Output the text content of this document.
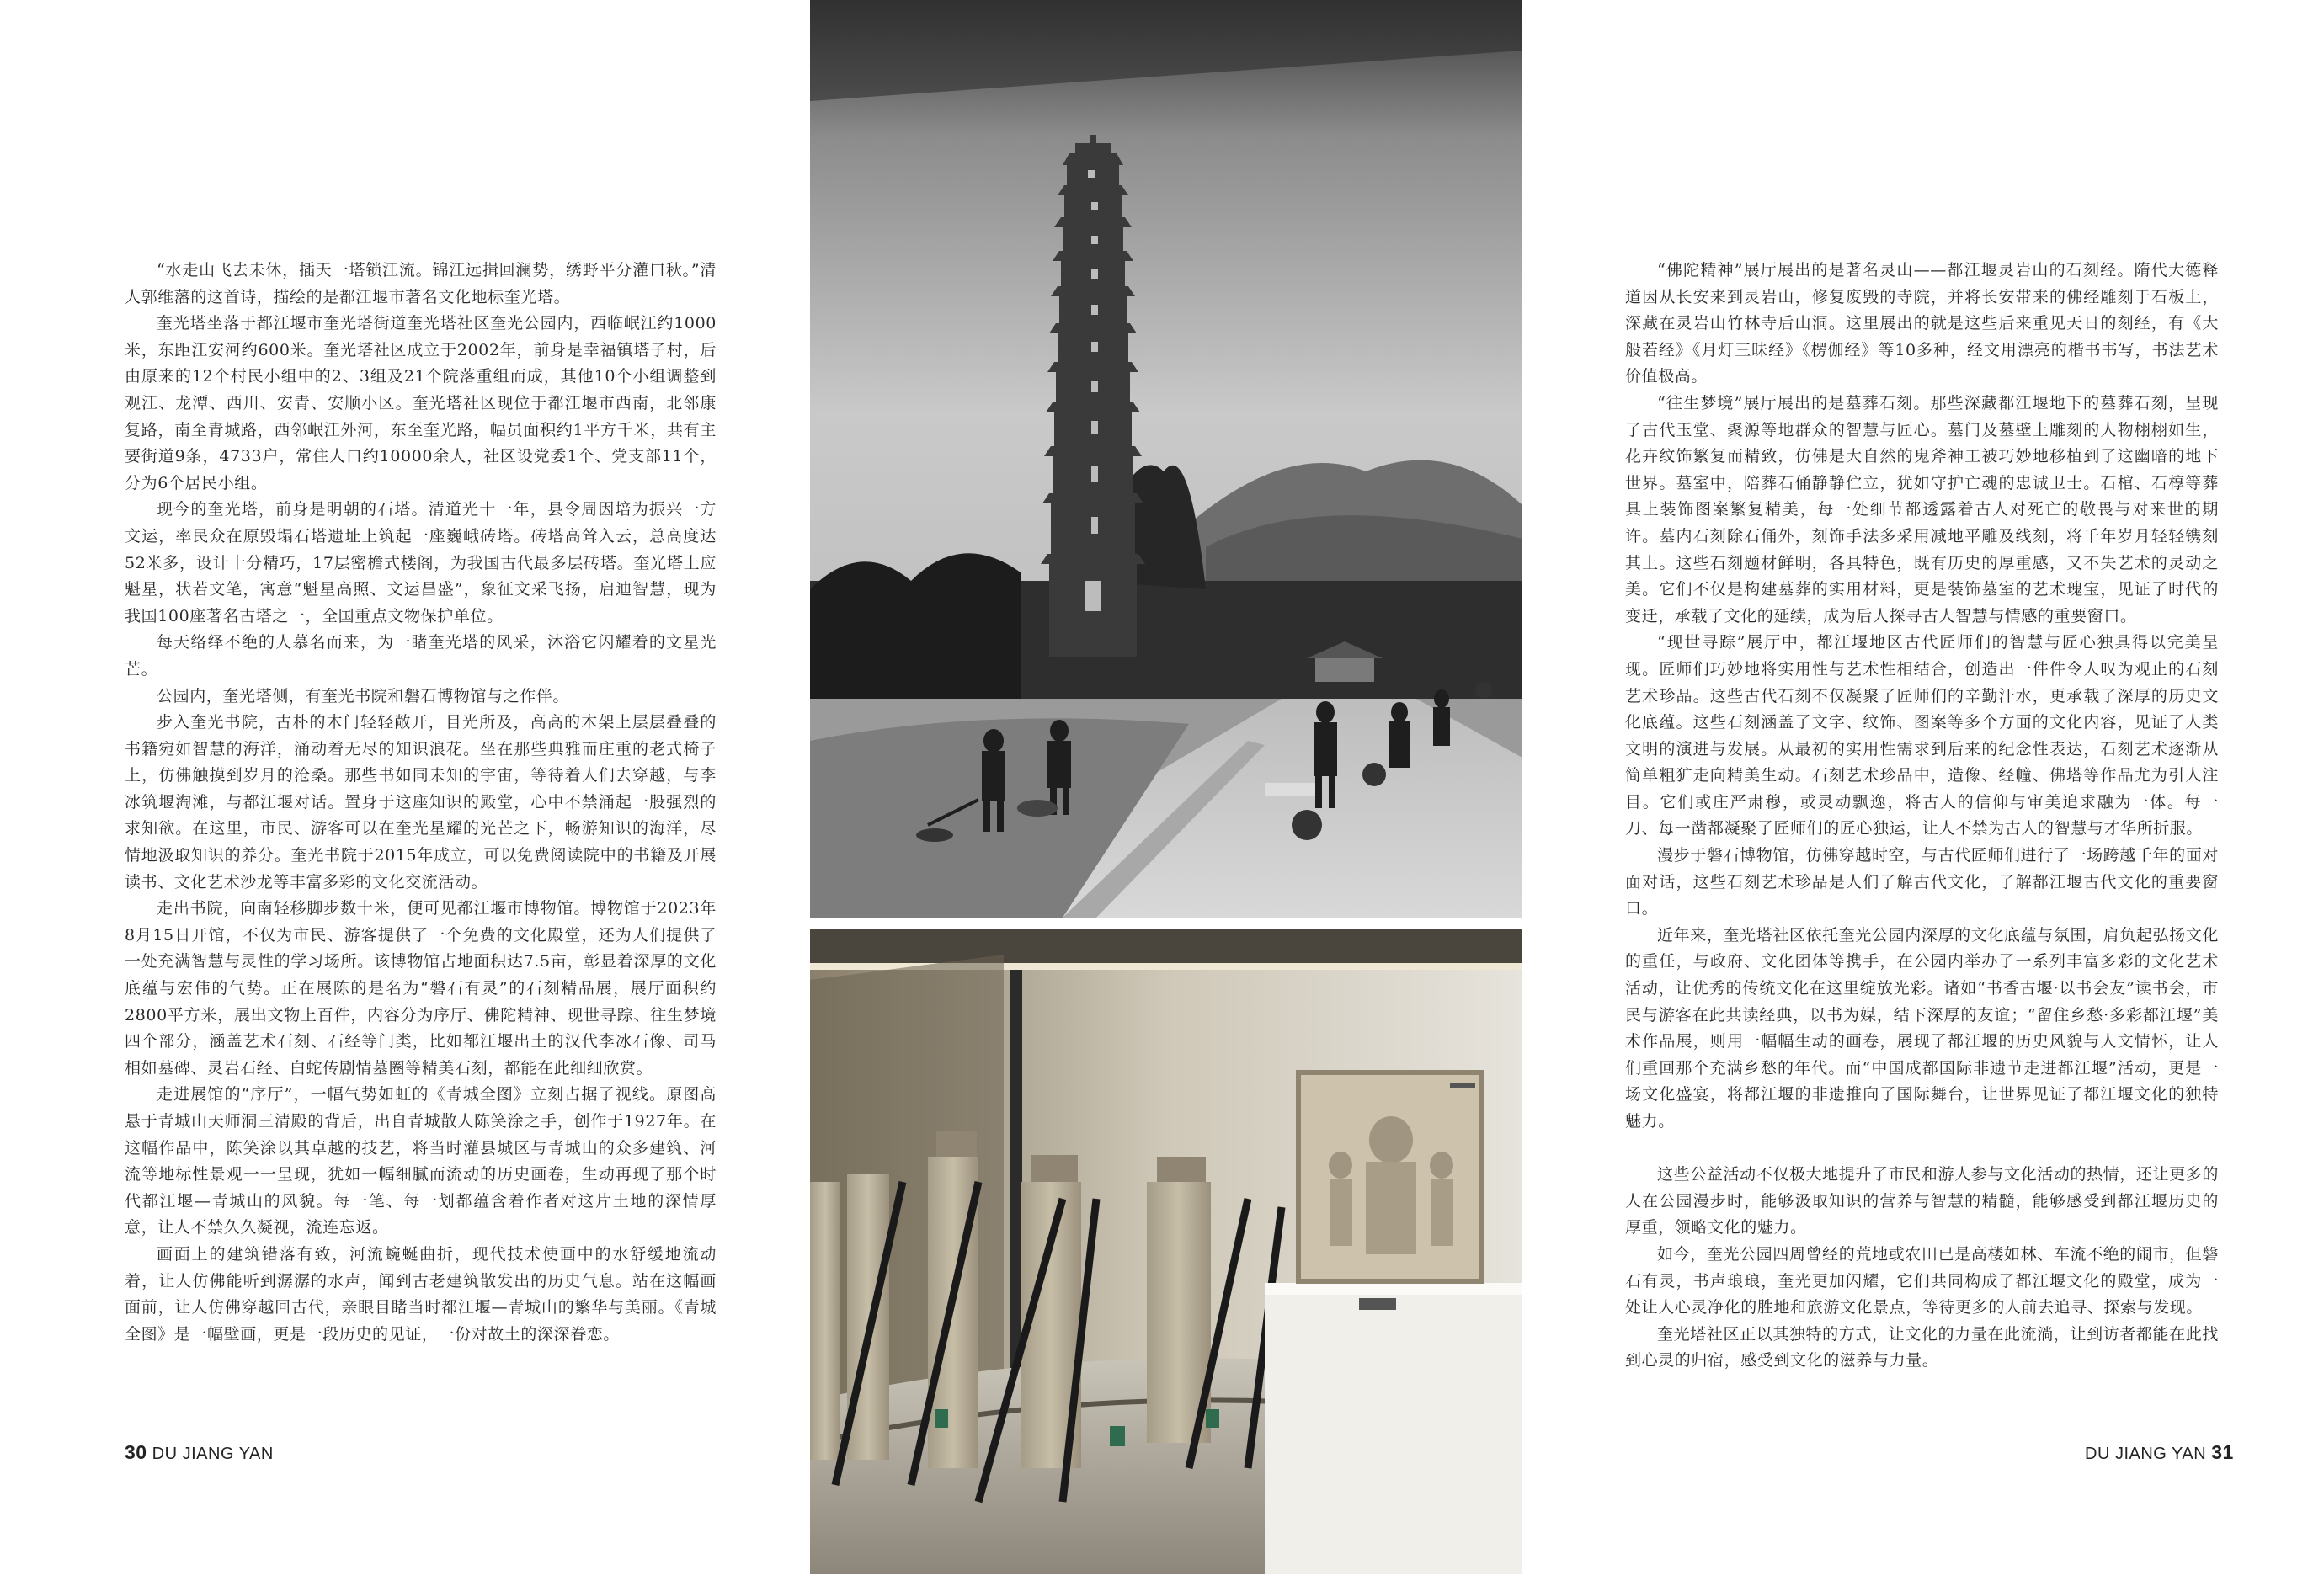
“水走山飞去未休，插天一塔锁江流。锦江远揖回澜势，绣野平分灌口秋。”清人郭维藩的这首诗，描绘的是都江堰市著名文化地标奎光塔。

奎光塔坐落于都江堰市奎光塔街道奎光塔社区奎光公园内，西临岷江约1000米，东距江安河约600米。奎光塔社区成立于2002年，前身是幸福镇塔子村，后由原来的12个村民小组中的2、3组及21个院落重组而成，其他10个小组调整到观江、龙潭、西川、安青、安顺小区。奎光塔社区现位于都江堰市西南，北邻康复路，南至青城路，西邻岷江外河，东至奎光路，幅员面积约1平方千米，共有主要街道9条，4733户，常住人口约10000余人，社区设党委1个、党支部11个，分为6个居民小组。

现今的奎光塔，前身是明朝的石塔。清道光十一年，县令周因培为振兴一方文运，率民众在原毁塌石塔遗址上筑起一座巍峨砖塔。砖塔高耸入云，总高度达52米多，设计十分精巧，17层密檐式楼阁，为我国古代最多层砖塔。奎光塔上应魁星，状若文笔，寓意“魁星高照、文运昌盛”，象征文采飞扬，启迪智慧，现为我国100座著名古塔之一，全国重点文物保护单位。

每天络绎不绝的人慕名而来，为一睹奎光塔的风采，沐浴它闪耀着的文星光芒。

公园内，奎光塔侧，有奎光书院和磐石博物馆与之作伴。

步入奎光书院，古朴的木门轻轻敞开，目光所及，高高的木架上层层叠叠的书籍宛如智慧的海洋，涌动着无尽的知识浪花。坐在那些典雅而庄重的老式椅子上，仿佛触摸到岁月的沧桑。那些书如同未知的宇宙，等待着人们去穿越，与李冰筑堰淘滩，与都江堰对话。置身于这座知识的殿堂，心中不禁涌起一股强烈的求知欲。在这里，市民、游客可以在奎光星耀的光芒之下，畅游知识的海洋，尽情地汲取知识的养分。奎光书院于2015年成立，可以免费阅读院中的书籍及开展读书、文化艺术沙龙等丰富多彩的文化交流活动。

走出书院，向南轻移脚步数十米，便可见都江堰市博物馆。博物馆于2023年8月15日开馆，不仅为市民、游客提供了一个免费的文化殿堂，还为人们提供了一处充满智慧与灵性的学习场所。该博物馆占地面积达7.5亩，彰显着深厚的文化底蕴与宏伟的气势。正在展陈的是名为“磐石有灵”的石刻精品展，展厅面积约2800平方米，展出文物上百件，内容分为序厅、佛陀精神、现世寻踪、往生梦境四个部分，涵盖艺术石刻、石经等门类，比如都江堰出土的汉代李冰石像、司马相如墓碑、灵岩石经、白蛇传剧情墓圈等精美石刻，都能在此细细欣赏。

走进展馆的“序厅”，一幅气势如虹的《青城全图》立刻占据了视线。原图高悬于青城山天师洞三清殿的背后，出自青城散人陈笑涂之手，创作于1927年。在这幅作品中，陈笑涂以其卓越的技艺，将当时灌县城区与青城山的众多建筑、河流等地标性景观一一呈现，犹如一幅细腻而流动的历史画卷，生动再现了那个时代都江堰—青城山的风貌。每一笔、每一划都蕴含着作者对这片土地的深情厚意，让人不禁久久凝视，流连忘返。

画面上的建筑错落有致，河流蜿蜒曲折，现代技术使画中的水舒缓地流动着，让人仿佛能听到潺潺的水声，闻到古老建筑散发出的历史气息。站在这幅画面前，让人仿佛穿越回古代，亲眼目睹当时都江堰—青城山的繁华与美丽。《青城全图》是一幅壁画，更是一段历史的见证，一份对故土的深深眷恋。

“佛陀精神”展厅展出的是著名灵山——都江堰灵岩山的石刻经。隋代大德释道因从长安来到灵岩山，修复废毁的寺院，并将长安带来的佛经雕刻于石板上，深藏在灵岩山竹林寺后山洞。这里展出的就是这些后来重见天日的刻经，有《大般若经》《月灯三昧经》《楞伽经》等10多种，经文用漂亮的楷书书写，书法艺术价值极高。

“往生梦境”展厅展出的是墓葬石刻。那些深藏都江堰地下的墓葬石刻，呈现了古代玉堂、聚源等地群众的智慧与匠心。墓门及墓壁上雕刻的人物栩栩如生，花卉纹饰繁复而精致，仿佛是大自然的鬼斧神工被巧妙地移植到了这幽暗的地下世界。墓室中，陪葬石俑静静伫立，犹如守护亡魂的忠诚卫士。石棺、石椁等葬具上装饰图案繁复精美，每一处细节都透露着古人对死亡的敬畏与对来世的期许。墓内石刻除石俑外，刻饰手法多采用减地平雕及线刻，将千年岁月轻轻镌刻其上。这些石刻题材鲜明，各具特色，既有历史的厚重感，又不失艺术的灵动之美。它们不仅是构建墓葬的实用材料，更是装饰墓室的艺术瑰宝，见证了时代的变迁，承载了文化的延续，成为后人探寻古人智慧与情感的重要窗口。

“现世寻踪”展厅中，都江堰地区古代匠师们的智慧与匠心独具得以完美呈现。匠师们巧妙地将实用性与艺术性相结合，创造出一件件令人叹为观止的石刻艺术珍品。这些古代石刻不仅凝聚了匠师们的辛勤汗水，更承载了深厚的历史文化底蕴。这些石刻涵盖了文字、纹饰、图案等多个方面的文化内容，见证了人类文明的演进与发展。从最初的实用性需求到后来的纪念性表达，石刻艺术逐渐从简单粗犷走向精美生动。石刻艺术珍品中，造像、经幢、佛塔等作品尤为引人注目。它们或庄严肃穆，或灵动飘逸，将古人的信仰与审美追求融为一体。每一刀、每一凿都凝聚了匠师们的匠心独运，让人不禁为古人的智慧与才华所折服。

漫步于磐石博物馆，仿佛穿越时空，与古代匠师们进行了一场跨越千年的面对面对话，这些石刻艺术珍品是人们了解古代文化，了解都江堰古代文化的重要窗口。

近年来，奎光塔社区依托奎光公园内深厚的文化底蕴与氛围，肩负起弘扬文化的重任，与政府、文化团体等携手，在公园内举办了一系列丰富多彩的文化艺术活动，让优秀的传统文化在这里绽放光彩。诸如“书香古堰·以书会友”读书会，市民与游客在此共读经典，以书为媒，结下深厚的友谊；“留住乡愁·多彩都江堰”美术作品展，则用一幅幅生动的画卷，展现了都江堰的历史风貌与人文情怀，让人们重回那个充满乡愁的年代。而“中国成都国际非遗节走进都江堰”活动，更是一场文化盛宴，将都江堰的非遗推向了国际舞台，让世界见证了都江堰文化的独特魅力。

这些公益活动不仅极大地提升了市民和游人参与文化活动的热情，还让更多的人在公园漫步时，能够汲取知识的营养与智慧的精髓，能够感受到都江堰历史的厚重，领略文化的魅力。

如今，奎光公园四周曾经的荒地或农田已是高楼如林、车流不绝的闹市，但磐石有灵，书声琅琅，奎光更加闪耀，它们共同构成了都江堰文化的殿堂，成为一处让人心灵净化的胜地和旅游文化景点，等待更多的人前去追寻、探索与发现。

奎光塔社区正以其独特的方式，让文化的力量在此流淌，让到访者都能在此找到心灵的归宿，感受到文化的滋养与力量。

30 DU JIANG YAN	DU JIANG YAN 31
